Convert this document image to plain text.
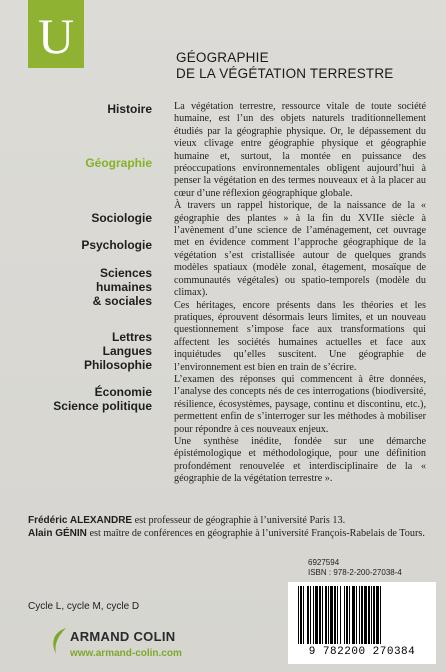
U	GÉOGRAPHIE
DE LA VÉGÉTATION TERRESTRE
Histoire
Géographie
Sociologie
Psychologie
Sciences
humaines
& sociales
Lettres
Langues
Philosophie
Économie
Science politique

La végétation terrestre, ressource vitale de toute société humaine, est l’un des objets naturels traditionnellement étudiés par la géographie physique. Or, le dépassement du vieux clivage entre géographie physique et géographie humaine et, surtout, la montée en puissance des préoccupations environnementales obligent aujourd’hui à penser la végétation en des termes nouveaux et à la placer au cœur d’une réflexion géographique globale.

À travers un rappel historique, de la naissance de la « géographie des plantes » à la fin du XVIIe siècle à l’avènement d’une science de l’aménagement, cet ouvrage met en évidence comment l’approche géographique de la végétation s’est cristallisée autour de quelques grands modèles spatiaux (modèle zonal, étagement, mosaïque de communautés végétales) ou spatio-temporels (modèle du climax).

Ces héritages, encore présents dans les théories et les pratiques, éprouvent désormais leurs limites, et un nouveau questionnement s’impose face aux transformations qui affectent les sociétés humaines actuelles et face aux inquiétudes qu’elles suscitent. Une géographie de l’environnement est bien en train de s’écrire.

L’examen des réponses qui commencent à être données, l’analyse des concepts nés de ces interrogations (biodiversité, résilience, écosystèmes, paysage, continu et discontinu, etc.), permettent enfin de s’interroger sur les méthodes à mobiliser pour répondre à ces nouveaux enjeux.

Une synthèse inédite, fondée sur une démarche épistémologique et méthodologique, pour une définition profondément renouvelée et interdisciplinaire de la « géographie de la végétation terrestre ».

Frédéric ALEXANDRE est professeur de géographie à l’université Paris 13.
Alain GÉNIN est maître de conférences en géographie à l’université François-Rabelais de Tours.
6927594
ISBN : 978-2-200-27038-4
Cycle L, cycle M, cycle D
ARMAND COLIN
www.armand-colin.com	9 782200 270384
